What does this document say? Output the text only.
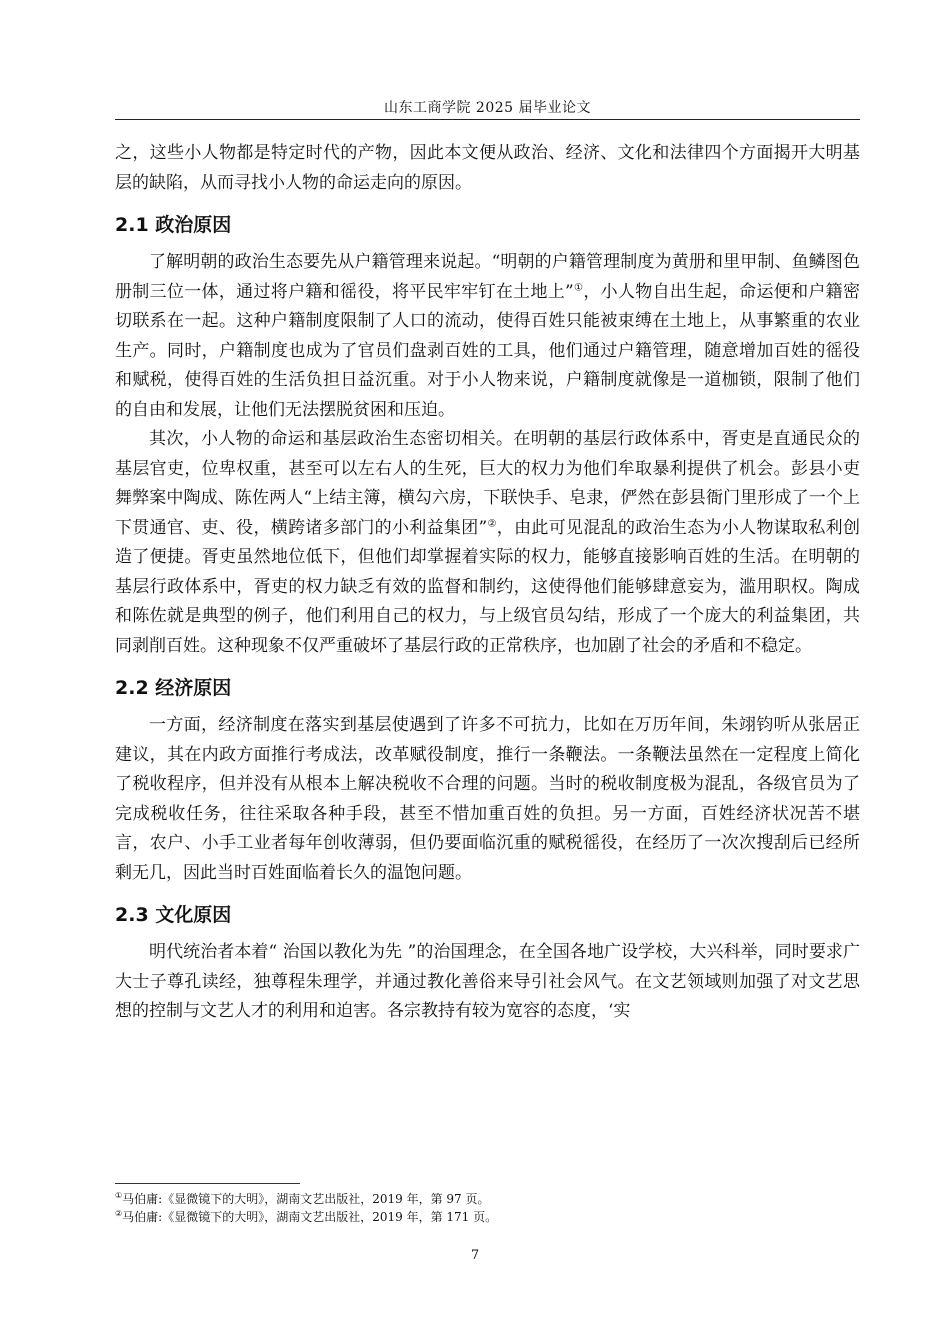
山东工商学院 2025 届毕业论文

之，这些小人物都是特定时代的产物，因此本文便从政治、经济、文化和法律四个方面揭开大明基层的缺陷，从而寻找小人物的命运走向的原因。

2.1 政治原因

了解明朝的政治生态要先从户籍管理来说起。“明朝的户籍管理制度为黄册和里甲制、鱼鳞图色册制三位一体，通过将户籍和徭役，将平民牢牢钉在土地上”①，小人物自出生起，命运便和户籍密切联系在一起。这种户籍制度限制了人口的流动，使得百姓只能被束缚在土地上，从事繁重的农业生产。同时，户籍制度也成为了官员们盘剥百姓的工具，他们通过户籍管理，随意增加百姓的徭役和赋税，使得百姓的生活负担日益沉重。对于小人物来说，户籍制度就像是一道枷锁，限制了他们的自由和发展，让他们无法摆脱贫困和压迫。

其次，小人物的命运和基层政治生态密切相关。在明朝的基层行政体系中，胥吏是直通民众的基层官吏，位卑权重，甚至可以左右人的生死，巨大的权力为他们牟取暴利提供了机会。彭县小吏舞弊案中陶成、陈佐两人“上结主簿，横勾六房，下联快手、皂隶，俨然在彭县衙门里形成了一个上下贯通官、吏、役，横跨诸多部门的小利益集团”②，由此可见混乱的政治生态为小人物谋取私利创造了便捷。胥吏虽然地位低下，但他们却掌握着实际的权力，能够直接影响百姓的生活。在明朝的基层行政体系中，胥吏的权力缺乏有效的监督和制约，这使得他们能够肆意妄为，滥用职权。陶成和陈佐就是典型的例子，他们利用自己的权力，与上级官员勾结，形成了一个庞大的利益集团，共同剥削百姓。这种现象不仅严重破坏了基层行政的正常秩序，也加剧了社会的矛盾和不稳定。

2.2 经济原因

一方面，经济制度在落实到基层使遇到了许多不可抗力，比如在万历年间，朱翊钧听从张居正建议，其在内政方面推行考成法，改革赋役制度，推行一条鞭法。一条鞭法虽然在一定程度上简化了税收程序，但并没有从根本上解决税收不合理的问题。当时的税收制度极为混乱，各级官员为了完成税收任务，往往采取各种手段，甚至不惜加重百姓的负担。另一方面，百姓经济状况苦不堪言，农户、小手工业者每年创收薄弱，但仍要面临沉重的赋税徭役，在经历了一次次搜刮后已经所剩无几，因此当时百姓面临着长久的温饱问题。

2.3 文化原因

明代统治者本着“ 治国以教化为先 ”的治国理念，在全国各地广设学校，大兴科举，同时要求广大士子尊孔读经，独尊程朱理学，并通过教化善俗来导引社会风气。在文艺领域则加强了对文艺思想的控制与文艺人才的利用和迫害。各宗教持有较为宽容的态度，‘实

①马伯庸:《显微镜下的大明》，湖南文艺出版社，2019 年，第 97 页。
②马伯庸:《显微镜下的大明》，湖南文艺出版社，2019 年，第 171 页。
7
